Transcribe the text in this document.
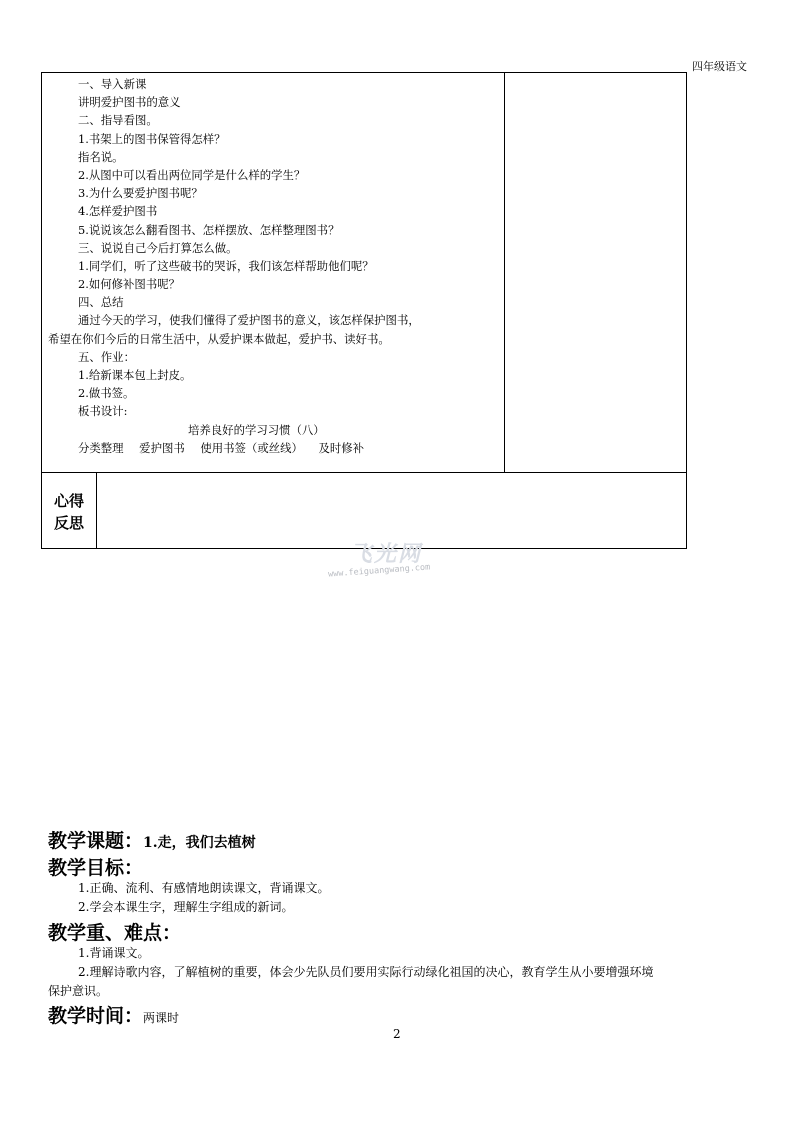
四年级语文
一、导入新课
讲明爱护图书的意义
二、指导看图。
1.书架上的图书保管得怎样？
指名说。
2.从图中可以看出两位同学是什么样的学生？
3.为什么要爱护图书呢？
4.怎样爱护图书
5.说说该怎么翻看图书、怎样摆放、怎样整理图书？
三、说说自己今后打算怎么做。
1.同学们，听了这些破书的哭诉，我们该怎样帮助他们呢？
2.如何修补图书呢？
四、总结
通过今天的学习，使我们懂得了爱护图书的意义，该怎样保护图书，
希望在你们今后的日常生活中，从爱护课本做起，爱护书、读好书。
五、作业：
1.给新课本包上封皮。
2.做书签。
板书设计:
培养良好的学习习惯（八）
分类整理 爱护图书 使用书签（或丝线） 及时修补
心得
反思
飞光网
www.feiguangwang.com
教学课题：1.走，我们去植树
教学目标：
1.正确、流利、有感情地朗读课文，背诵课文。
2.学会本课生字，理解生字组成的新词。
教学重、难点：
1.背诵课文。
2.理解诗歌内容，了解植树的重要，体会少先队员们要用实际行动绿化祖国的决心，教育学生从小要增强环境
保护意识。
教学时间：两课时
2
